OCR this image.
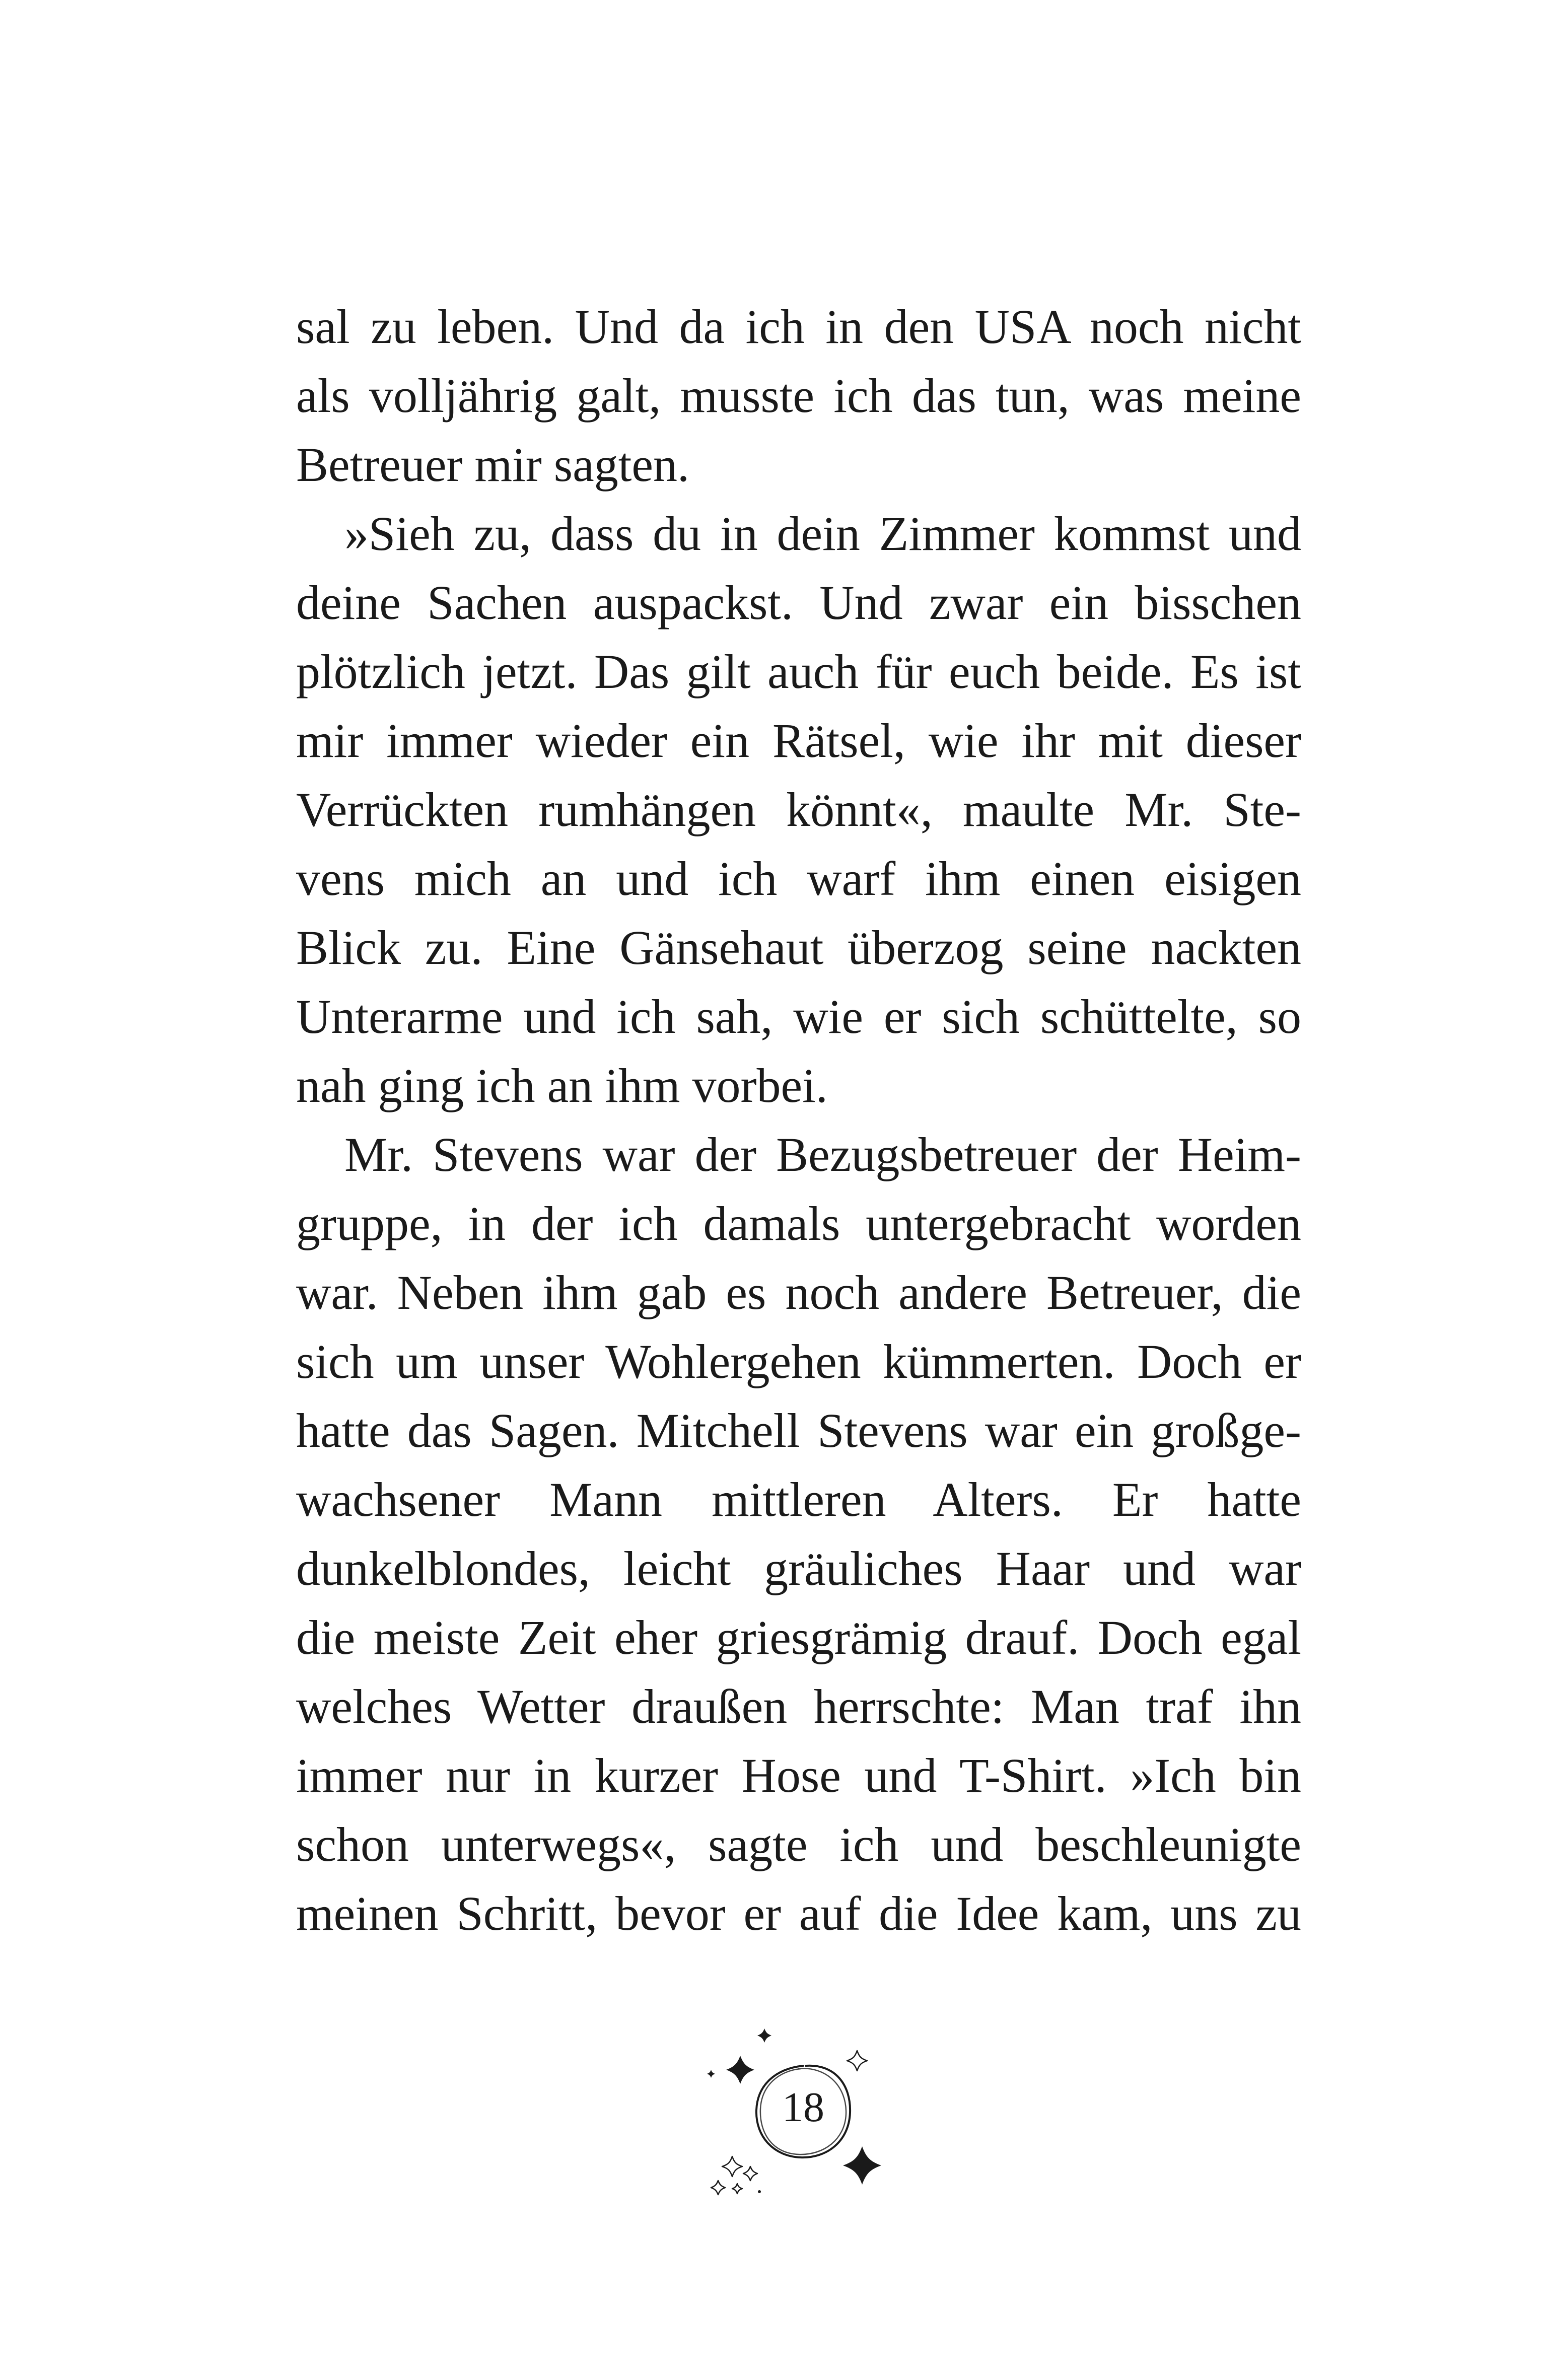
sal zu leben. Und da ich in den USA noch nicht
als volljährig galt, musste ich das tun, was meine
Betreuer mir sagten.
»Sieh zu, dass du in dein Zimmer kommst und
deine Sachen auspackst. Und zwar ein bisschen
plötzlich jetzt. Das gilt auch für euch beide. Es ist
mir immer wieder ein Rätsel, wie ihr mit dieser
Verrückten rumhängen könnt«, maulte Mr. Ste-
vens mich an und ich warf ihm einen eisigen
Blick zu. Eine Gänsehaut überzog seine nackten
Unterarme und ich sah, wie er sich schüttelte, so
nah ging ich an ihm vorbei.
Mr. Stevens war der Bezugsbetreuer der Heim-
gruppe, in der ich damals untergebracht worden
war. Neben ihm gab es noch andere Betreuer, die
sich um unser Wohlergehen kümmerten. Doch er
hatte das Sagen. Mitchell Stevens war ein großge-
wachsener Mann mittleren Alters. Er hatte
dunkelblondes, leicht gräuliches Haar und war
die meiste Zeit eher griesgrämig drauf. Doch egal
welches Wetter draußen herrschte: Man traf ihn
immer nur in kurzer Hose und T-Shirt. »Ich bin
schon unterwegs«, sagte ich und beschleunigte
meinen Schritt, bevor er auf die Idee kam, uns zu
18
